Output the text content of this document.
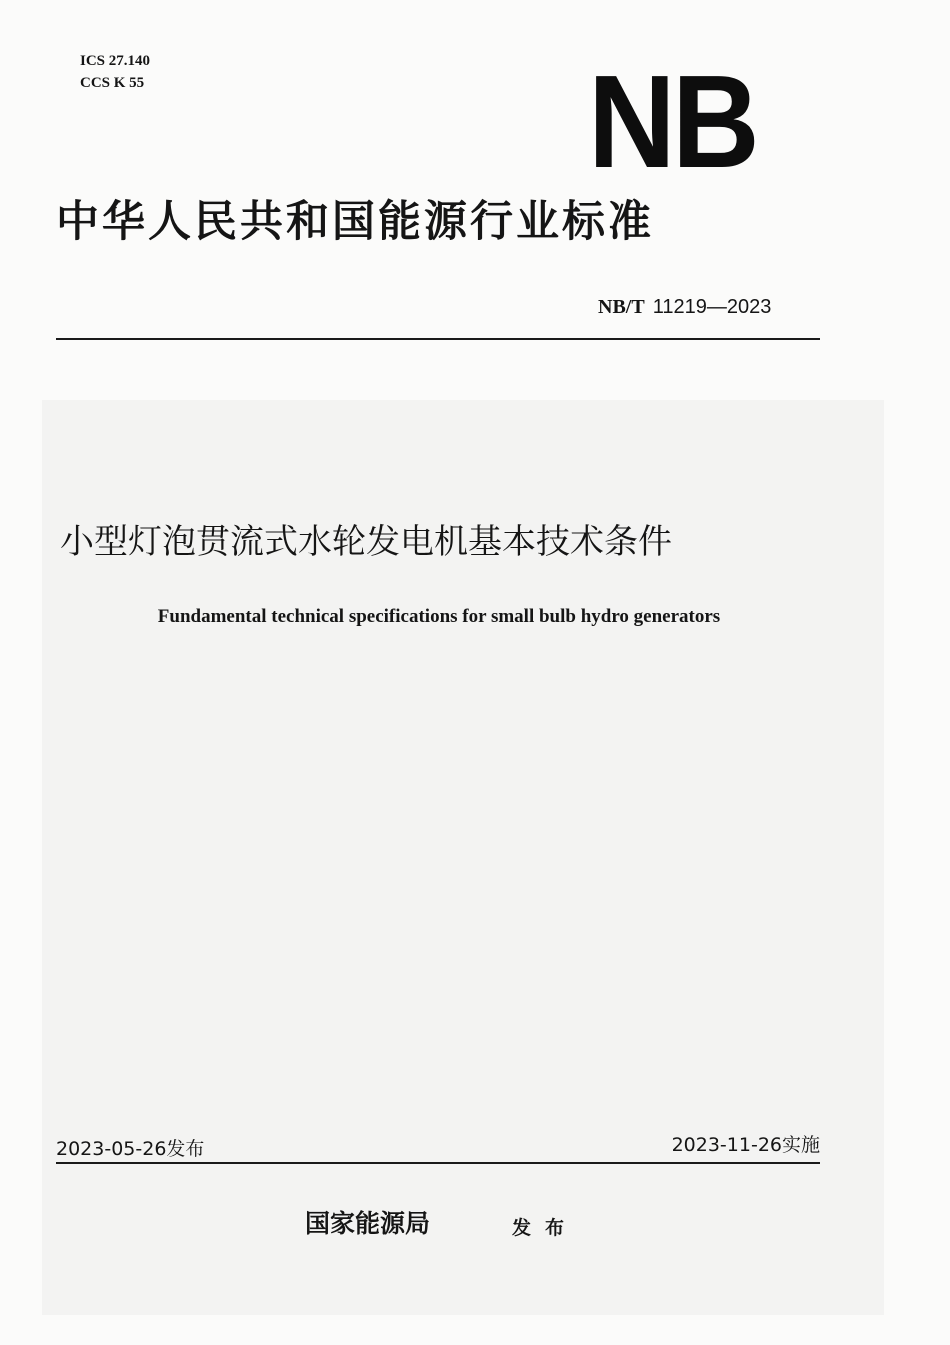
ICS 27.140
CCS K 55	NB
中华人民共和国能源行业标准
NB/T 11219—2023
小型灯泡贯流式水轮发电机基本技术条件
Fundamental technical specifications for small bulb hydro generators
2023-11-26实施
2023-05-26发布
国家能源局	发布
